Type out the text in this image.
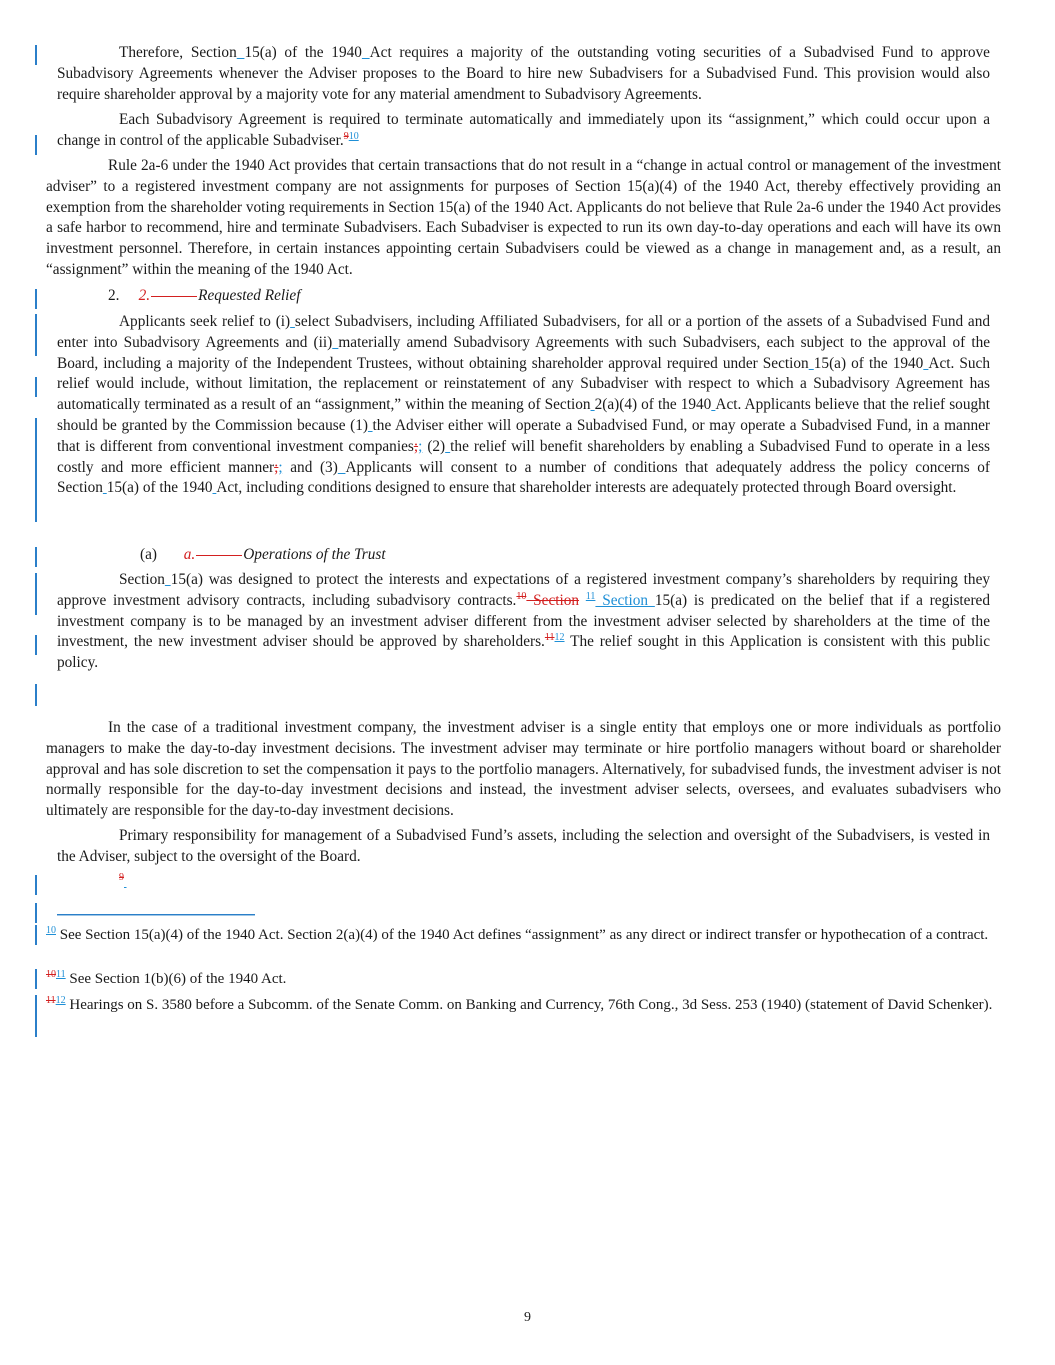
Therefore, Section 15(a) of the 1940 Act requires a majority of the outstanding voting securities of a Subadvised Fund to approve Subadvisory Agreements whenever the Adviser proposes to the Board to hire new Subadvisers for a Subadvised Fund. This provision would also require shareholder approval by a majority vote for any material amendment to Subadvisory Agreements.

Each Subadvisory Agreement is required to terminate automatically and immediately upon its “assignment,” which could occur upon a change in control of the applicable Subadviser.$^{910}$

Rule 2a-6 under the 1940 Act provides that certain transactions that do not result in a “change in actual control or management of the investment adviser” to a registered investment company are not assignments for purposes of Section 15(a)(4) of the 1940 Act, thereby effectively providing an exemption from the shareholder voting requirements in Section 15(a) of the 1940 Act. Applicants do not believe that Rule 2a-6 under the 1940 Act provides a safe harbor to recommend, hire and terminate Subadvisers. Each Subadviser is expected to run its own day-to-day operations and each will have its own investment personnel. Therefore, in certain instances appointing certain Subadvisers could be viewed as a change in management and, as a result, an “assignment” within the meaning of the 1940 Act.

2. 2.	Requested Relief

Applicants seek relief to (i) select Subadvisers, including Affiliated Subadvisers, for all or a portion of the assets of a Subadvised Fund and enter into Subadvisory Agreements and (ii) materially amend Subadvisory Agreements with such Subadvisers, each subject to the approval of the Board, including a majority of the Independent Trustees, without obtaining shareholder approval required under Section 15(a) of the 1940 Act. Such relief would include, without limitation, the replacement or reinstatement of any Subadviser with respect to which a Subadvisory Agreement has automatically terminated as a result of an “assignment,” within the meaning of Section 2(a)(4) of the 1940 Act. Applicants believe that the relief sought should be granted by the Commission because (1) the Adviser either will operate a Subadvised Fund, or may operate a Subadvised Fund, in a manner that is different from conventional investment companies;; (2) the relief will benefit shareholders by enabling a Subadvised Fund to operate in a less costly and more efficient manner;; and (3) Applicants will consent to a number of conditions that adequately address the policy concerns of Section 15(a) of the 1940 Act, including conditions designed to ensure that shareholder interests are adequately protected through Board oversight.

(a) a.	Operations of the Trust

Section 15(a) was designed to protect the interests and expectations of a registered investment company’s shareholders by requiring they approve investment advisory contracts, including subadvisory contracts.$^{10}$ Section $^{11}$ Section 15(a) is predicated on the belief that if a registered investment company is to be managed by an investment adviser different from the investment adviser selected by shareholders at the time of the investment, the new investment adviser should be approved by shareholders.$^{1112}$ The relief sought in this Application is consistent with this public policy.

In the case of a traditional investment company, the investment adviser is a single entity that employs one or more individuals as portfolio managers to make the day-to-day investment decisions. The investment adviser may terminate or hire portfolio managers without board or shareholder approval and has sole discretion to set the compensation it pays to the portfolio managers. Alternatively, for subadvised funds, the investment adviser is not normally responsible for the day-to-day investment decisions and instead, the investment adviser selects, oversees, and evaluates subadvisers who ultimately are responsible for the day-to-day investment decisions.

Primary responsibility for management of a Subadvised Fund’s assets, including the selection and oversight of the Subadvisers, is vested in the Adviser, subject to the oversight of the Board.

$^9$

$^{10}$ See Section 15(a)(4) of the 1940 Act. Section 2(a)(4) of the 1940 Act defines “assignment” as any direct or indirect transfer or hypothecation of a contract.

$^{1011}$ See Section 1(b)(6) of the 1940 Act.

$^{1112}$ Hearings on S. 3580 before a Subcomm. of the Senate Comm. on Banking and Currency, 76th Cong., 3d Sess. 253 (1940) (statement of David Schenker).

9
